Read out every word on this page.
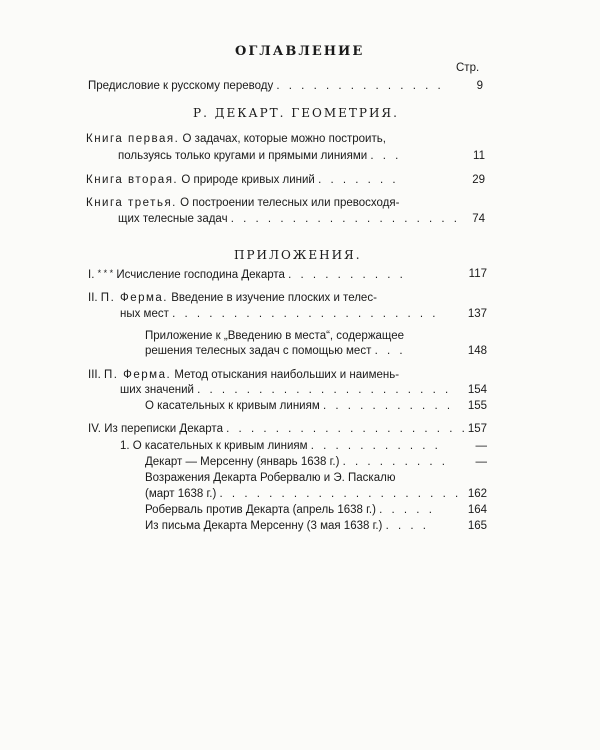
ОГЛАВЛЕНИЕ
Стр.
Предисловие к русскому переводу . . . . . . . . . . . . . .	9
Р. ДЕКАРТ. ГЕОМЕТРИЯ.
Книга первая. О задачах, которые можно построить,
пользуясь только кругами и прямыми линиями . . .	11
Книга вторая. О природе кривых линий . . . . . . .	29
Книга третья. О построении телесных или превосходя-
щих телесные задач . . . . . . . . . . . . . . . . . . .	74
ПРИЛОЖЕНИЯ.
I. * * * Исчисление господина Декарта . . . . . . . . . .	117
II. П. Ферма. Введение в изучение плоских и телес-
ных мест . . . . . . . . . . . . . . . . . . . . . .	137
Приложение к „Введению в места“, содержащее
решения телесных задач с помощью мест . . .	148
III. П. Ферма. Метод отыскания наибольших и наимень-
ших значений . . . . . . . . . . . . . . . . . . . . .	154
О касательных к кривым линиям . . . . . . . . . . .	155
IV. Из переписки Декарта . . . . . . . . . . . . . . . . . . . . 157
1. О касательных к кривым линиям . . . . . . . . . . .	—
Декарт — Мерсенну (январь 1638 г.) . . . . . . . . .	—
Возражения Декарта Робервалю и Э. Паскалю
(март 1638 г.) . . . . . . . . . . . . . . . . . . . . 162
Роберваль против Декарта (апрель 1638 г.) . . . . .	164
Из письма Декарта Мерсенну (3 мая 1638 г.) . . . .	165
